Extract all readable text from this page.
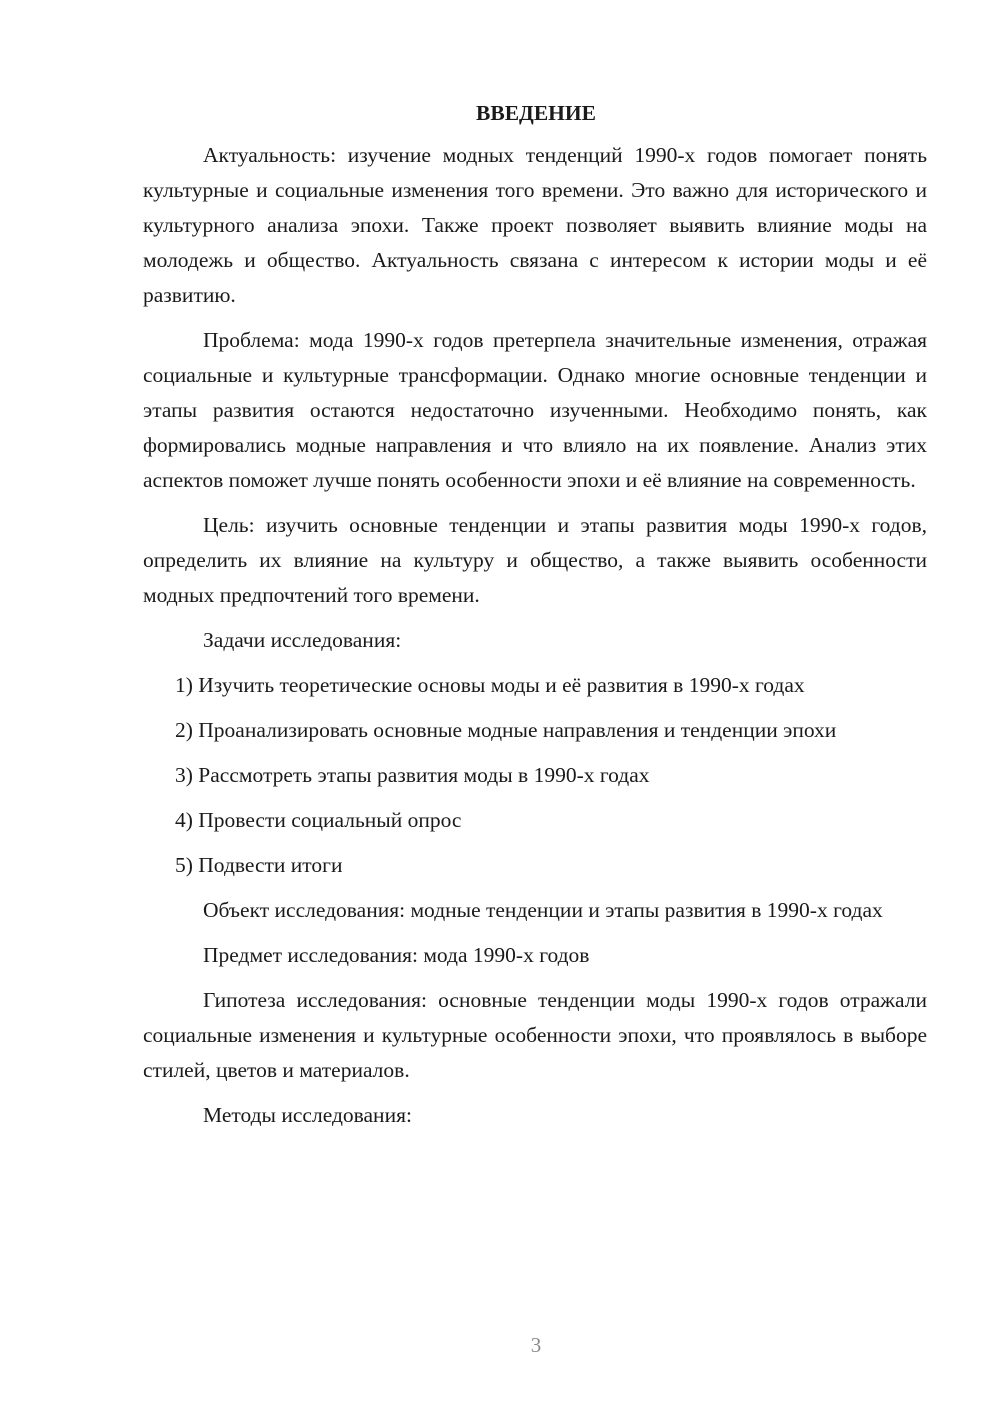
ВВЕДЕНИЕ

Актуальность: изучение модных тенденций 1990-х годов помогает понять культурные и социальные изменения того времени. Это важно для исторического и культурного анализа эпохи. Также проект позволяет выявить влияние моды на молодежь и общество. Актуальность связана с интересом к истории моды и её развитию.

Проблема: мода 1990-х годов претерпела значительные изменения, отражая социальные и культурные трансформации. Однако многие основные тенденции и этапы развития остаются недостаточно изученными. Необходимо понять, как формировались модные направления и что влияло на их появление. Анализ этих аспектов поможет лучше понять особенности эпохи и её влияние на современность.

Цель: изучить основные тенденции и этапы развития моды 1990-х годов, определить их влияние на культуру и общество, а также выявить особенности модных предпочтений того времени.

Задачи исследования:

1) Изучить теоретические основы моды и её развития в 1990-х годах

2) Проанализировать основные модные направления и тенденции эпохи

3) Рассмотреть этапы развития моды в 1990-х годах

4) Провести социальный опрос

5) Подвести итоги

Объект исследования: модные тенденции и этапы развития в 1990-х годах

Предмет исследования: мода 1990-х годов

Гипотеза исследования: основные тенденции моды 1990-х годов отражали социальные изменения и культурные особенности эпохи, что проявлялось в выборе стилей, цветов и материалов.

Методы исследования:

3
